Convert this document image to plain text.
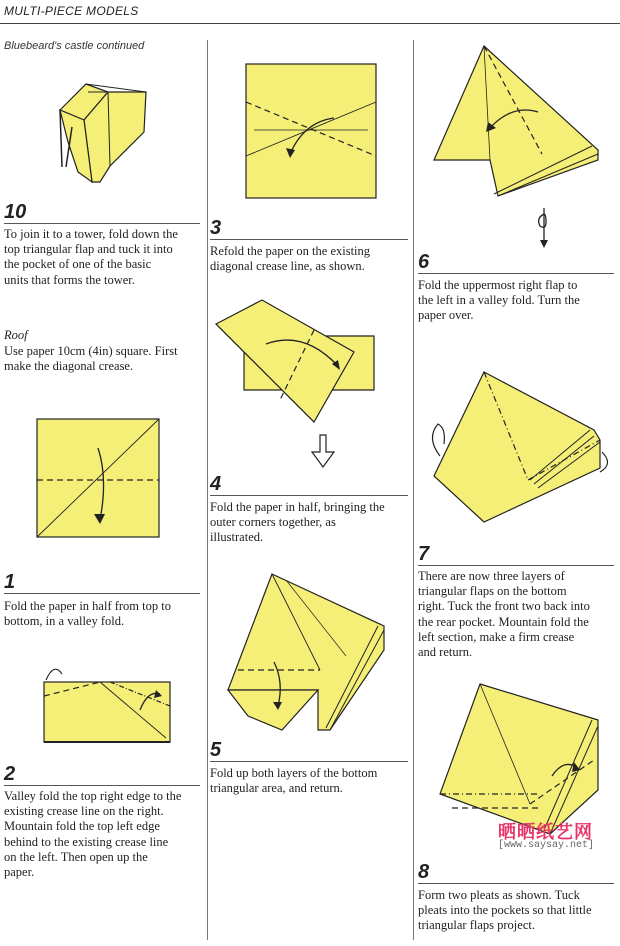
MULTI-PIECE MODELS
Bluebeard's castle continued
10
To join it to a tower, fold down the
top triangular flap and tuck it into
the pocket of one of the basic
units that forms the tower.
Roof
Use paper 10cm (4in) square. First
make the diagonal crease.
1
Fold the paper in half from top to
bottom, in a valley fold.
2
Valley fold the top right edge to the
existing crease line on the right.
Mountain fold the top left edge
behind to the existing crease line
on the left. Then open up the
paper.
3
Refold the paper on the existing
diagonal crease line, as shown.
4
Fold the paper in half, bringing the
outer corners together, as
illustrated.
5
Fold up both layers of the bottom
triangular area, and return.
6
Fold the uppermost right flap to
the left in a valley fold. Turn the
paper over.
7
There are now three layers of
triangular flaps on the bottom
right. Tuck the front two back into
the rear pocket. Mountain fold the
left section, make a firm crease
and return.
晒晒纸艺网
[www.saysay.net]
8
Form two pleats as shown. Tuck
pleats into the pockets so that little
triangular flaps project.
